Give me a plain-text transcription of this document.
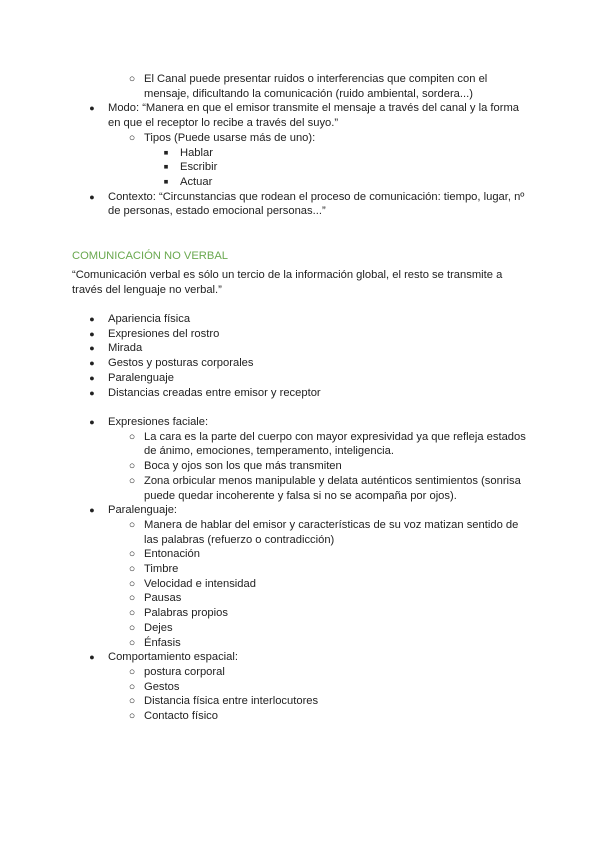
○ El Canal puede presentar ruidos o interferencias que compiten con el
mensaje, dificultando la comunicación (ruido ambiental, sordera...)
● Modo: “Manera en que el emisor transmite el mensaje a través del canal y la forma
en que el receptor lo recibe a través del suyo.”
○ Tipos (Puede usarse más de uno):
■	Hablar
■	Escribir
■	Actuar
● Contexto: “Circunstancias que rodean el proceso de comunicación: tiempo, lugar, nº
de personas, estado emocional personas...”
COMUNICACIÓN NO VERBAL
“Comunicación verbal es sólo un tercio de la información global, el resto se transmite a
través del lenguaje no verbal.”
● Apariencia física
● Expresiones del rostro
● Mirada
● Gestos y posturas corporales
● Paralenguaje
● Distancias creadas entre emisor y receptor
● Expresiones faciale:
○ La cara es la parte del cuerpo con mayor expresividad ya que refleja estados
de ánimo, emociones, temperamento, inteligencia.
○ Boca y ojos son los que más transmiten
○ Zona orbicular menos manipulable y delata auténticos sentimientos (sonrisa
puede quedar incoherente y falsa si no se acompaña por ojos).
● Paralenguaje:
○ Manera de hablar del emisor y características de su voz matizan sentido de
las palabras (refuerzo o contradicción)
○ Entonación
○ Timbre
○ Velocidad e intensidad
○ Pausas
○ Palabras propios
○ Dejes
○ Énfasis
● Comportamiento espacial:
○ postura corporal
○ Gestos
○ Distancia física entre interlocutores
○ Contacto físico
